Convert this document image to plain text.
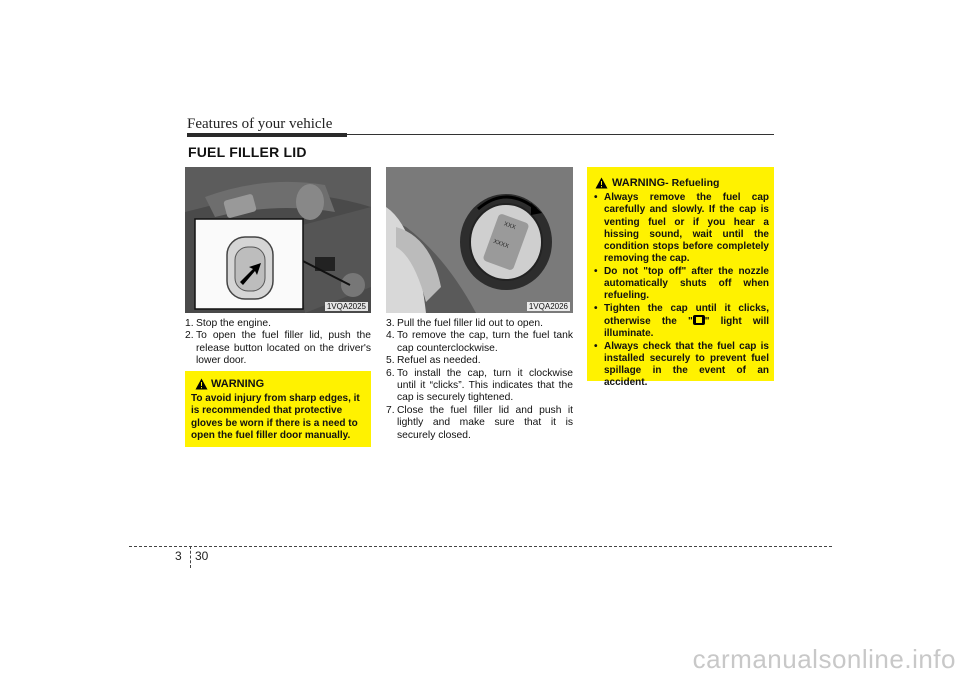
Features of your vehicle
FUEL FILLER LID
1VQA2025
XXX
XXXX
1VQA2026
1. Stop the engine.
2. To open the fuel filler lid, push the release button located on the driver's lower door.
WARNING
To avoid injury from sharp edges, it is recommended that protective gloves be worn if there is a need to open the fuel filler door manually.
3. Pull the fuel filler lid out to open.
4. To remove the cap, turn the fuel tank cap counterclockwise.
5. Refuel as needed.
6. To install the cap, turn it clockwise until it “clicks”. This indicates that the cap is securely tightened.
7. Close the fuel filler lid and push it lightly and make sure that it is securely closed.
WARNING - Refueling
• Always remove the fuel cap carefully and slowly. If the cap is venting fuel or if you hear a hissing sound, wait until the condition stops before completely removing the cap.
• Do not "top off" after the nozzle automatically shuts off when refueling.
• Tighten the cap until it clicks, otherwise the " " light will illuminate.
• Always check that the fuel cap is installed securely to prevent fuel spillage in the event of an accident.
3 30
carmanualsonline.info
